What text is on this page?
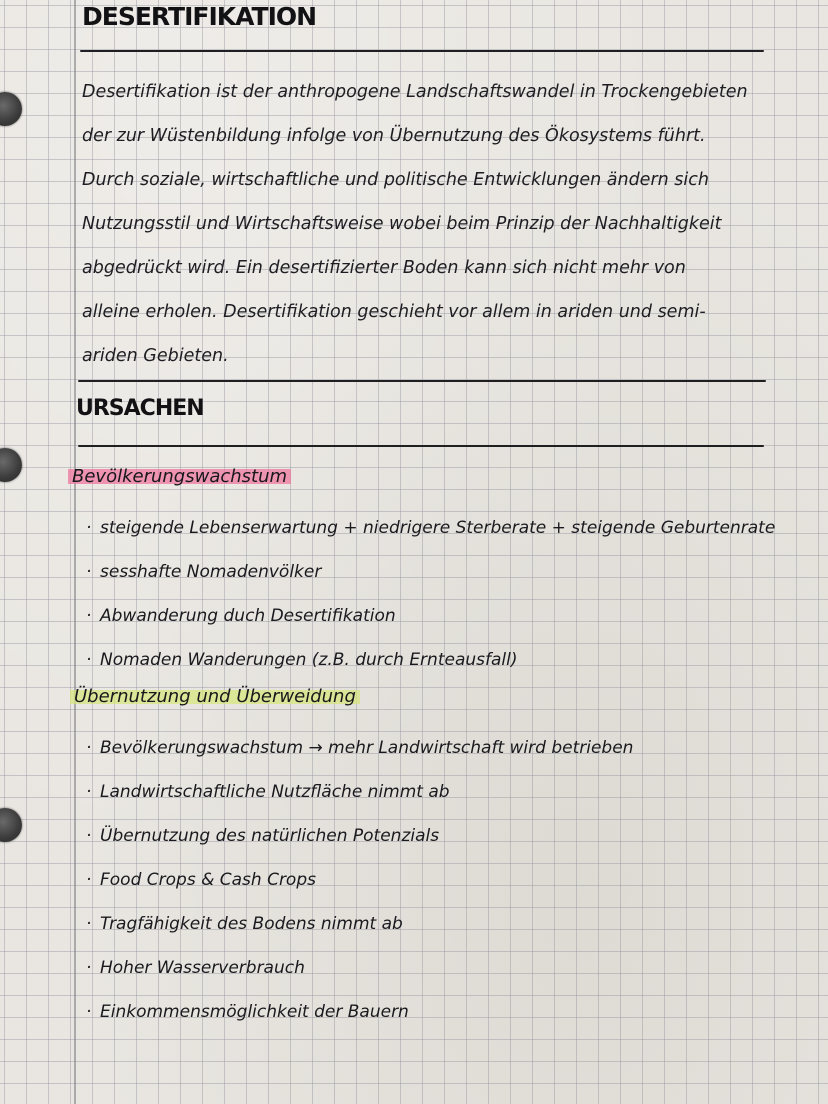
DESERTIFIKATION
Desertifikation ist der anthropogene Landschaftswandel in Trockengebieten
der zur Wüstenbildung infolge von Übernutzung des Ökosystems führt.
Durch soziale, wirtschaftliche und politische Entwicklungen ändern sich
Nutzungsstil und Wirtschaftsweise wobei beim Prinzip der Nachhaltigkeit
abgedrückt wird. Ein desertifizierter Boden kann sich nicht mehr von
alleine erholen. Desertifikation geschieht vor allem in ariden und semi-
ariden Gebieten.
URSACHEN
Bevölkerungswachstum
· steigende Lebenserwartung + niedrigere Sterberate + steigende Geburtenrate
· sesshafte Nomadenvölker
· Abwanderung duch Desertifikation
· Nomaden Wanderungen (z.B. durch Ernteausfall)
Übernutzung und Überweidung
· Bevölkerungswachstum → mehr Landwirtschaft wird betrieben
· Landwirtschaftliche Nutzfläche nimmt ab
· Übernutzung des natürlichen Potenzials
· Food Crops & Cash Crops
· Tragfähigkeit des Bodens nimmt ab
· Hoher Wasserverbrauch
· Einkommensmöglichkeit der Bauern
